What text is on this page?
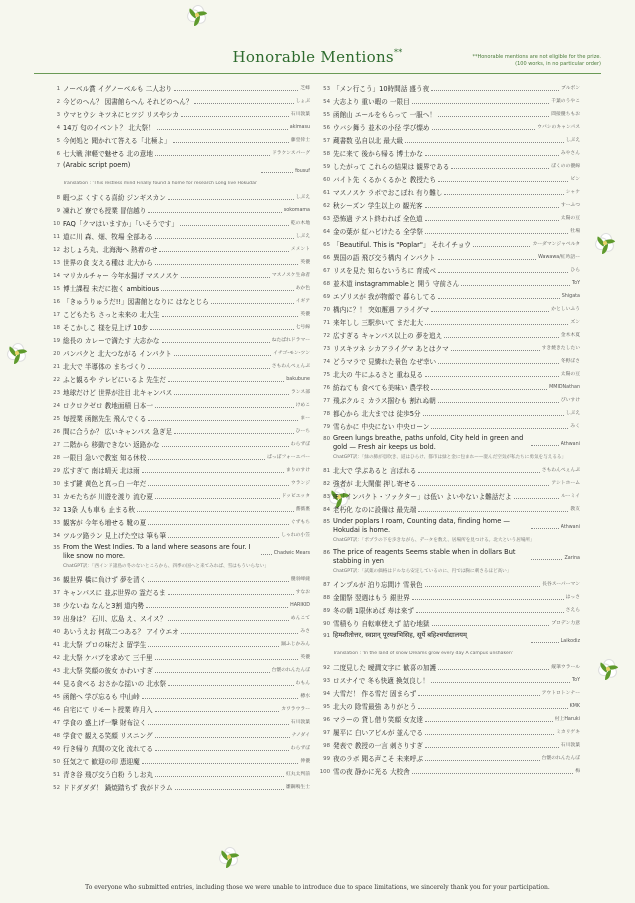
Honorable Mentions**	**Honorable mentions are not eligible for the prize.
(100 works, in no particular order)
1 ノーベル賞 イグノーベルも 二人おり	芝蜂
2 今どのへん？ 図書館らへん それどのへん？	しょぶ
3 ウマヒウシ キツネにヒツジ リスやシカ	石川敦葉
4 14万 匂のイベント？ 北大祭！	akimasu
5 今何処と 聞かれて答える「北極よ」	藤堂倖士
6 七大戦 津軽で魅せる 北の意地	ドラケンスバーグ
7 (Arabic script poem)
Yousuf
Translation : 'This restless mind Finally found a home for research Long live Hokudai'
8 暇つぶ くすくる喜紛 ジンギスカン	しぶえ
9 凍れど 寮でも授業 冒信越り	sokomama
10 FAQ「クマはいますか」「いそうです」	乾の木地
11 道に川 森、畑、牧場 全部ある	しぶえ
12 おしょろ丸、北海海へ 熱着のせ	メメント
13 世界の食 支える種は 北大から	英優
14 マリカルチャー 今年水揚げ マスノスケ	マスノスケ生命者
15 博士課程 未だに抱く ambitious	あか色
16 「きゅうりゅうだ!!」図書館となりに はなとじら	イギア
17 こどもたち さっと未来の 北大生	英優
18 そこかしこ 様を見上げ 10步	七号線
19 総長の カレーで満たす 大志かな	ねたばれドラマー
20 パンパクと 北大つながる インパクト	イチゴ-モン-ツン
21 北大で 半導体の まちづくり	さもわんぺぇんぷ
22 ふと観るや テレビにいるよ 先生だ	bakubune
23 地球だけど 世界が注目 北キャンパス	ランス部
24 ロクロクゼロ 教地面積 日本一	けめこ
25 毎授業 函館先生 飛んでくる	まー
26 間に合うか？ 広いキャンパス 急ぎ足	ひーち
27 二階から 移動できない 返路かな	わらずぼ
28 一限目 急いで教室 知る休校	ぱっぽフォーエバー
29 広すぎて 南は晴天 北は雨	まりのすけ
30 まず鍵 黄色と真っ白 一年だ	ウランジ
31 カモたちが 川遊を渡り 流む夏	ドッビエッタ
32 13条 人も車も 止まる秋	薔薇裏
33 観客が 今年も増せる 靴の夏	ぐずもち
34 ツルツ路ラン 見上げた空は 筆も筆	しゃれの小笠
35 From the West Indies. To a land where seasons are four. I like snow no more.	Chadwic Mears
ChatGPT訳：「西インド諸島の冬のないところから、四季の国へと来てみれば、雪はもういらない」
36 観世界 橋に負けず 夢を清く	優羽峰縫
37 キャンパスに 並ぶ世界の 霊だるま	すなお
38 少ないね なんと3割 道内勢	HARIKID
39 出身は？ 石川、広島 え、スイス？	めんこて
40 あいうえお 何故二つある？ アイウエオ	みさ
41 北大祭 プロの味だよ 留学生	踊ふじかみん
42 北大祭 ケバブを求めて 三千里	英優
43 北大祭 笑顔の彼女 かわいすぎ	台懐のれんたんぼ
44 見る食べる おさかな揺いの 北水祭	わもん
45 函館へ 学び忘るも 中山峠	樽水
46 自宅にて リモート授業 昨月入	カワラウラー
47 学食の 盛上げ一撃 財布泣く	石川敦葉
48 学食で 観える笑顔 リスニング	ナノダイ
49 行き帰り 真間の文化 流れてる	わらずぼ
50 狂気之て 歓迎の印 恵迎魔	伸優
51 青き谷 飛び交う白粉 うしお丸	紅丸太判前
52 ドドダダダ！ 鍋焼踏ちず 我がドラム	雛鋼鳴生士
53 「メン行こう」10時間話 盛う夜	ブルボン
54 大志より 重い暇の 一限目	千葉のうやこ
55 函館山 エールをもらって 一服へ！	間接優ちもお
56 ウバシ舞う 並木の小径 学び燦め	ウバシのキャンパス
57 蔵書数 弘自以北 最大級	しぶえ
58 先に来て 後から帰る 博士かな	みやさん
59 したがって これらの結果は 観界である	ぽくのの優線
60 バイト先 くるかくるかと 教授たち	ビン
61 マスノスケ ラボでおこぼれ 有り難し	シャケ
62 秋シーズン 学生以上の 観光客	すーふつ
63 恐怖過 テスト終われば 全色道	太陽の豆
64 金の葉が 紅ハビけたる 全学祭	牡場
65 「Beautiful. This is "Poplar"」 それイチョウ	カーダマンジャベルタ
66 異国の語 飛び交う構内 インパクト	Wawawa/紅吟語ー
67 リスを見た 知らないうちに 育成ベ	ひら
68 並木道 instagrammableと 開う 守前さん	ToY
69 エゾリスが 我が物顔で 暮らしてる	Shigata
70 構内に？！ 突如邂遇 アライグマ	かとしいふう
71 来年しし 三駅歩いて まだ北大	ズン
72 広すぎる キャンパス以上の 夢を追え	金木木夏
73 リスキツネ シカアライグマ あとはクマ	すき焼きたしたい
74 どうマラで 見憐れた景色 なぜ幸い	冬野ぼさ
75 北大の 牛にふるさと 重ね見る	太陽の豆
76 紡ねても 食べても美味い 農学校	MMIDNathan
77 飛ぶクルミ カラス掴むも 割れぬ朝	ぴいすけ
78 都心から 北大までは 徒歩5分	しぶえ
79 雪らかに 中央にない 中央ローン	みく
80 Green lungs breathe, paths unfold, City held in green and gold — Fresh air keeps us bold.	Athwani
ChatGPT訳：「緑の肺が息吹き、道はひらけ、都市は緑と金に包まれ——澄んだ空気が私たちに勇気を与えるる」
81 北大で 学ぶあると 言ばれる	さもわんぺぇんぷ
82 強者が 北大閑催 押し寄せる	アシトホーム
83 IF「インパクト・ファクター」は低い よいやないよ難話だよ	ルーミイ
84 老朽化 なのに設備は 最先端	教友
85 Under poplars I roam, Counting data, finding home — Hokudai is home.	Athwani
ChatGPT訳：「ポプラの下を歩きながら、データを数え、居場所を見つける。北大という居場所」
86 The price of reagents Seems stable when in dollars But stabbing in yen	Zarina
ChatGPT訳：「試薬の価格はドルなら安定しているのに、円では胸に刺さるほど高い」
87 インプルが 泊り忘間け 雪景色	長谷スーパーマン
88 金閣祭 翌週はもう 銀世界	はっさ
89 冬の朝 1限休めば 寿は来ず	さえら
90 雪積もり 自転車使えず 詰む地獄	プロデン力意
91 हिमशीतोत्तर, स्वप्नान् पूरयन्नभिसिह, सूर्ये बहिश्चर्याद्यालयम्
Laikodiz
Translation : 'In the land of snow Dreams grow every day A campus unshaken'
92 二度見した 曖澗文字に 歓喜の加護	縦筆ウラール
93 ロスナイで 冬も快適 換気良し！	ToY
94 大雪だ！ 作る雪だ 固まらず	アウトロトンナー
95 北大の 除雪最強 ありがとう	KMK
96 マラーの 貸し借り笑顔 女友達	村上Haruki
97 履平に 白いアビルが 並んでる	ミカリゲキ
98 発表で 教授の一言 刺さりすぎ	石川敦葉
99 夜のラボ 聞る声こそ 未来呼ぶ	台懐のれんたんぼ
100 雪の夜 静かに光る 大校舎	梅
To everyone who submitted entries, including those we were unable to introduce due to space limitations, we sincerely thank you for your participation.
